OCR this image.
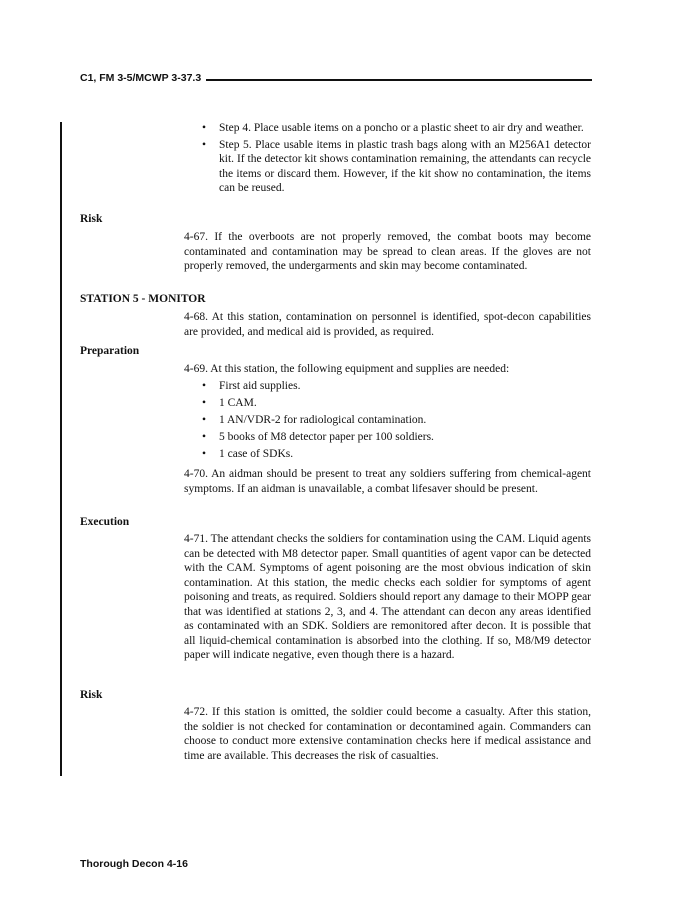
C1, FM 3-5/MCWP 3-37.3
• Step 4. Place usable items on a poncho or a plastic sheet to air dry and weather.
• Step 5. Place usable items in plastic trash bags along with an M256A1 detector kit. If the detector kit shows contamination remaining, the attendants can recycle the items or discard them. However, if the kit show no contamination, the items can be reused.
Risk

4-67. If the overboots are not properly removed, the combat boots may become contaminated and contamination may be spread to clean areas. If the gloves are not properly removed, the undergarments and skin may become contaminated.

STATION 5 - MONITOR

4-68. At this station, contamination on personnel is identified, spot-decon capabilities are provided, and medical aid is provided, as required.

Preparation

4-69. At this station, the following equipment and supplies are needed:

• First aid supplies.
• 1 CAM.
• 1 AN/VDR-2 for radiological contamination.
• 5 books of M8 detector paper per 100 soldiers.
• 1 case of SDKs.

4-70. An aidman should be present to treat any soldiers suffering from chemical-agent symptoms. If an aidman is unavailable, a combat lifesaver should be present.

Execution

4-71. The attendant checks the soldiers for contamination using the CAM. Liquid agents can be detected with M8 detector paper. Small quantities of agent vapor can be detected with the CAM. Symptoms of agent poisoning are the most obvious indication of skin contamination. At this station, the medic checks each soldier for symptoms of agent poisoning and treats, as required. Soldiers should report any damage to their MOPP gear that was identified at stations 2, 3, and 4. The attendant can decon any areas identified as contaminated with an SDK. Soldiers are remonitored after decon. It is possible that all liquid-chemical contamination is absorbed into the clothing. If so, M8/M9 detector paper will indicate negative, even though there is a hazard.

Risk

4-72. If this station is omitted, the soldier could become a casualty. After this station, the soldier is not checked for contamination or decontamined again. Commanders can choose to conduct more extensive contamination checks here if medical assistance and time are available. This decreases the risk of casualties.

Thorough Decon 4-16
